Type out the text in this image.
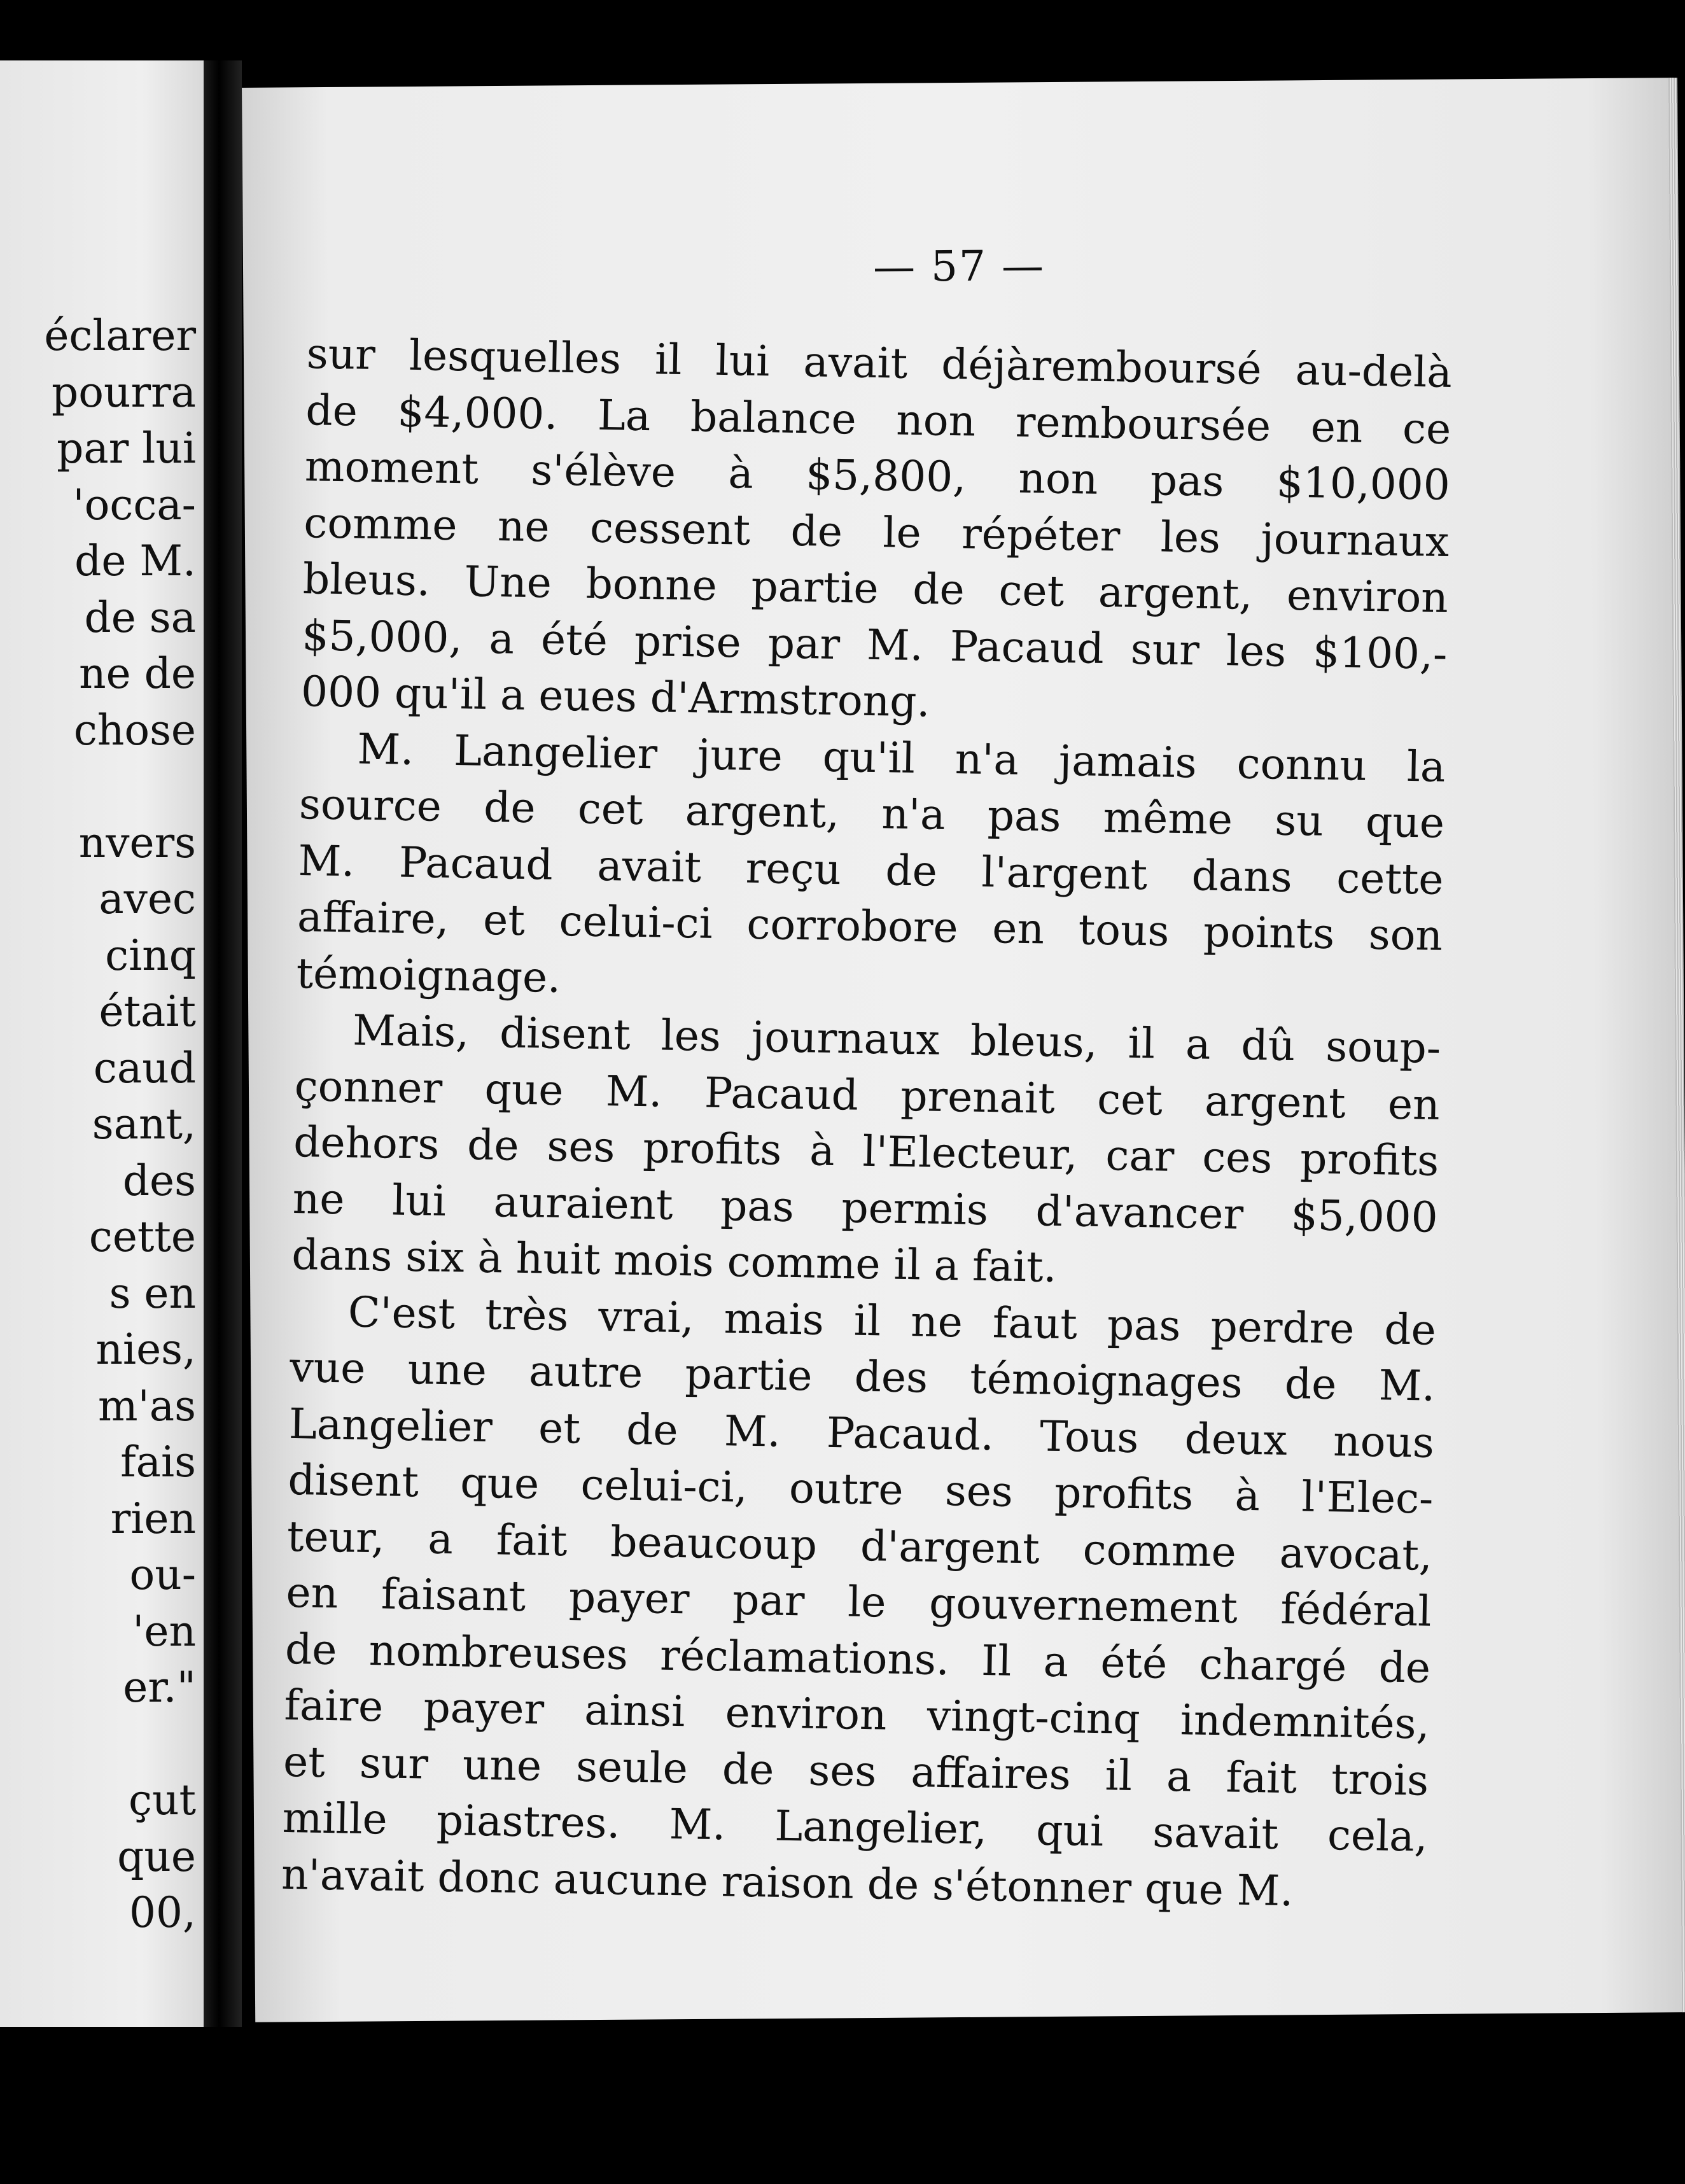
éclarer
pourra
par lui
'occa-
de M.
de sa
ne de
chose
nvers
avec
cinq
était
caud
sant,
des
cette
s en
nies,
m'as
fais
rien
ou-
'en
er."
çut
que
00,
— 57 —
sur lesquelles il lui avait déjàremboursé au-delà
de $4,000. La balance non remboursée en ce
moment s'élève à $5,800, non pas $10,000
comme ne cessent de le répéter les journaux
bleus. Une bonne partie de cet argent, environ
$5,000, a été prise par M. Pacaud sur les $100,-
000 qu'il a eues d'Armstrong.
M. Langelier jure qu'il n'a jamais connu la
source de cet argent, n'a pas même su que
M. Pacaud avait reçu de l'argent dans cette
affaire, et celui-ci corrobore en tous points son
témoignage.
Mais, disent les journaux bleus, il a dû soup-
çonner que M. Pacaud prenait cet argent en
dehors de ses profits à l'Electeur, car ces profits
ne lui auraient pas permis d'avancer $5,000
dans six à huit mois comme il a fait.
C'est très vrai, mais il ne faut pas perdre de
vue une autre partie des témoignages de M.
Langelier et de M. Pacaud. Tous deux nous
disent que celui-ci, outre ses profits à l'Elec-
teur, a fait beaucoup d'argent comme avocat,
en faisant payer par le gouvernement fédéral
de nombreuses réclamations. Il a été chargé de
faire payer ainsi environ vingt-cinq indemnités,
et sur une seule de ses affaires il a fait trois
mille piastres. M. Langelier, qui savait cela,
n'avait donc aucune raison de s'étonner que M.
